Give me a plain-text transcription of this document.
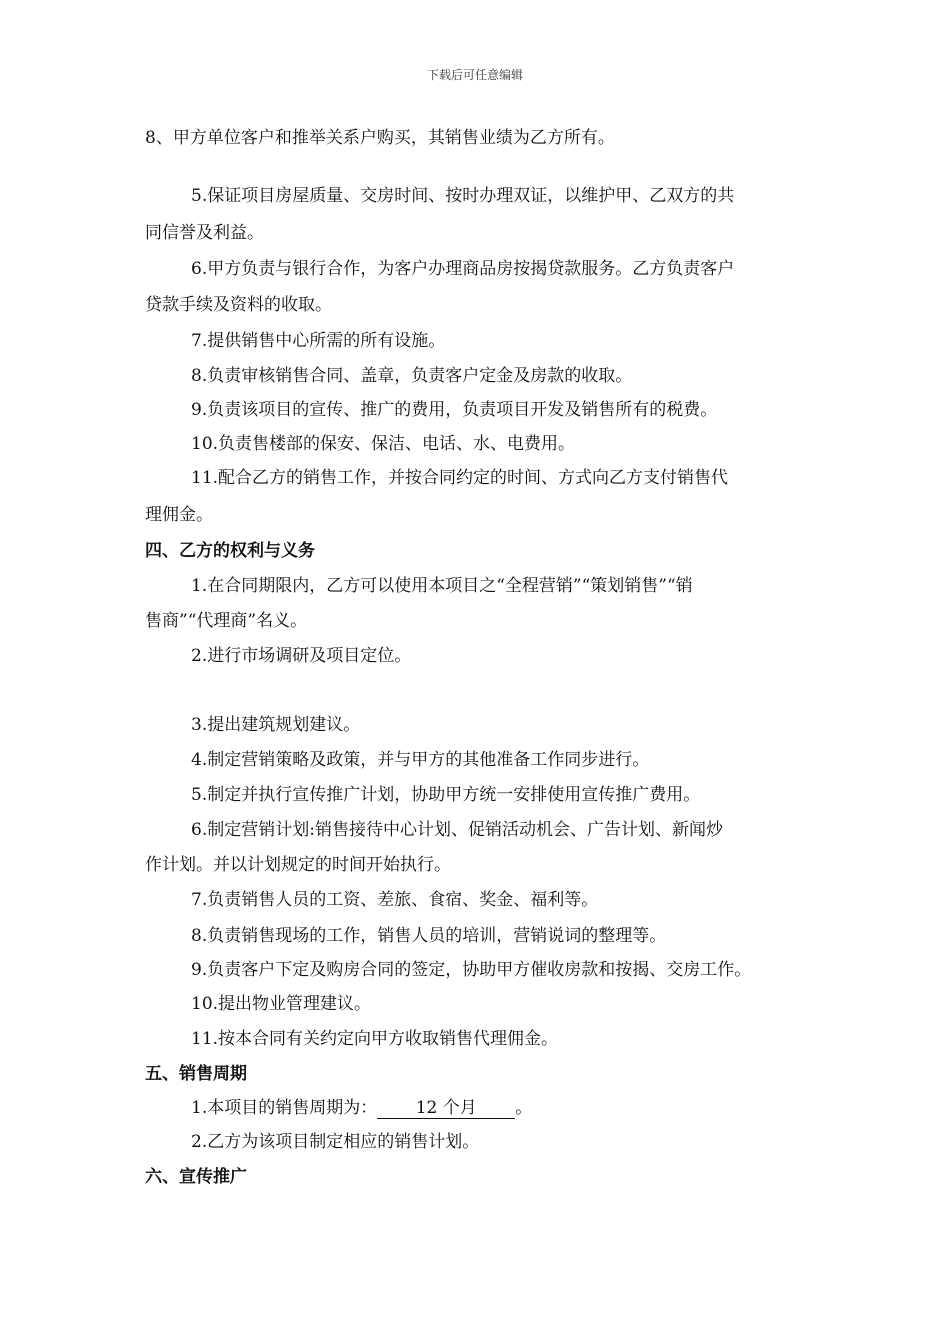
下载后可任意编辑
8、甲方单位客户和推举关系户购买，其销售业绩为乙方所有。
5.保证项目房屋质量、交房时间、按时办理双证，以维护甲、乙双方的共
同信誉及利益。
6.甲方负责与银行合作，为客户办理商品房按揭贷款服务。乙方负责客户
贷款手续及资料的收取。
7.提供销售中心所需的所有设施。
8.负责审核销售合同、盖章，负责客户定金及房款的收取。
9.负责该项目的宣传、推广的费用，负责项目开发及销售所有的税费。
10.负责售楼部的保安、保洁、电话、水、电费用。
11.配合乙方的销售工作，并按合同约定的时间、方式向乙方支付销售代
理佣金。
四、乙方的权利与义务
1.在合同期限内，乙方可以使用本项目之“全程营销”“策划销售”“销
售商”“代理商”名义。
2.进行市场调研及项目定位。
3.提出建筑规划建议。
4.制定营销策略及政策，并与甲方的其他准备工作同步进行。
5.制定并执行宣传推广计划，协助甲方统一安排使用宣传推广费用。
6.制定营销计划:销售接待中心计划、促销活动机会、广告计划、新闻炒
作计划。并以计划规定的时间开始执行。
7.负责销售人员的工资、差旅、食宿、奖金、福利等。
8.负责销售现场的工作，销售人员的培训，营销说词的整理等。
9.负责客户下定及购房合同的签定，协助甲方催收房款和按揭、交房工作。
10.提出物业管理建议。
11.按本合同有关约定向甲方收取销售代理佣金。
五、销售周期
1.本项目的销售周期为： 12 个月 。
2.乙方为该项目制定相应的销售计划。
六、宣传推广
